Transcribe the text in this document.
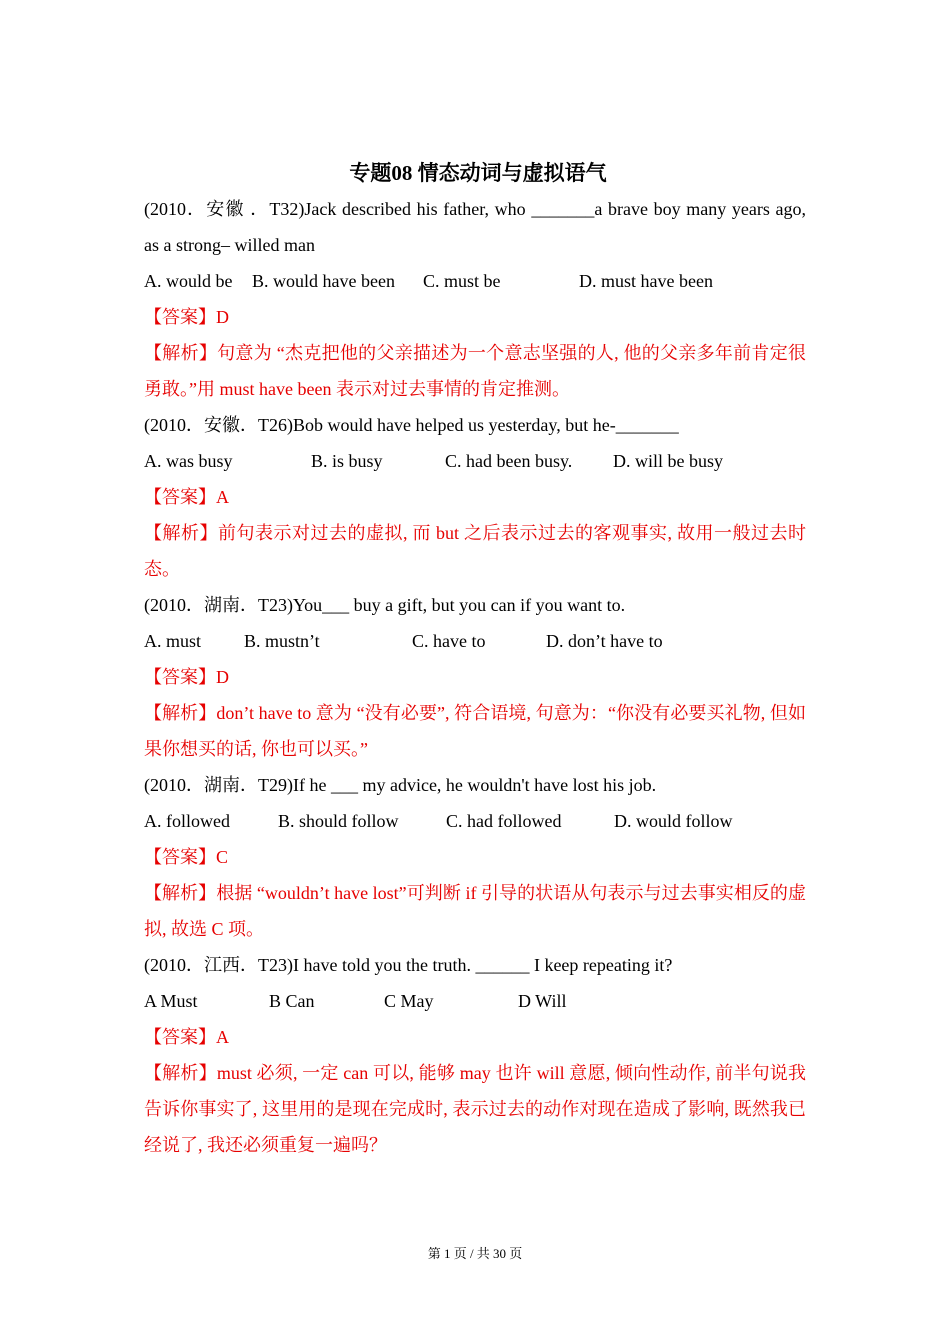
专题08 情态动词与虚拟语气

(2010．安徽 ．T32)Jack described his father, who _______a brave boy many years ago, as a strong– willed man

A. would be	B. would have been	C. must be	D. must have been

【答案】D

【解析】句意为 “杰克把他的父亲描述为一个意志坚强的人, 他的父亲多年前肯定很勇敢。”用 must have been 表示对过去事情的肯定推测。

(2010．安徽．T26)Bob would have helped us yesterday, but he-_______

A. was busy	B. is busy	C. had been busy.	D. will be busy

【答案】A

【解析】前句表示对过去的虚拟, 而 but 之后表示过去的客观事实, 故用一般过去时态。

(2010．湖南．T23)You___ buy a gift, but you can if you want to.

A. must	B. mustn’t	C. have to	D. don’t have to

【答案】D

【解析】don’t have to 意为 “没有必要”, 符合语境, 句意为：“你没有必要买礼物, 但如果你想买的话, 你也可以买。”

(2010．湖南．T29)If he ___ my advice, he wouldn't have lost his job.

A. followed	B. should follow	C. had followed	D. would follow

【答案】C

【解析】根据 “wouldn’t have lost”可判断 if 引导的状语从句表示与过去事实相反的虚拟, 故选 C 项。

(2010．江西．T23)I have told you the truth. ______ I keep repeating it?

A Must	B Can	C May	D Will

【答案】A

【解析】must 必须, 一定 can 可以, 能够 may 也许 will 意愿, 倾向性动作, 前半句说我告诉你事实了, 这里用的是现在完成时, 表示过去的动作对现在造成了影响, 既然我已经说了, 我还必须重复一遍吗？

第 1 页 / 共 30 页
